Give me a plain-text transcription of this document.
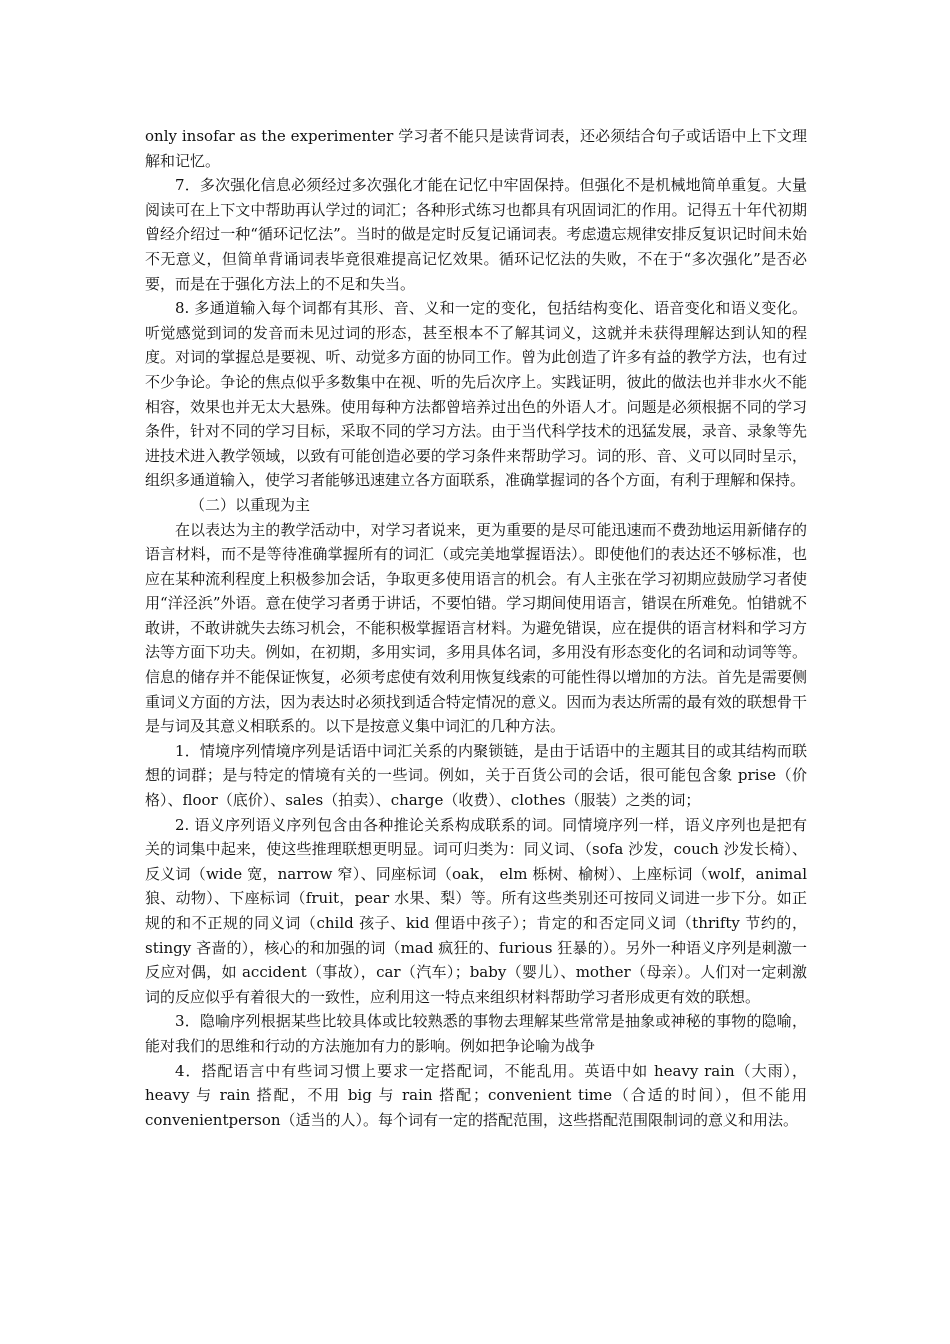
only insofar as the experimenter 学习者不能只是读背词表，还必须结合句子或话语中上下文理解和记忆。

7．多次强化信息必须经过多次强化才能在记忆中牢固保持。但强化不是机械地简单重复。大量阅读可在上下文中帮助再认学过的词汇；各种形式练习也都具有巩固词汇的作用。记得五十年代初期曾经介绍过一种“循环记忆法”。当时的做是定时反复记诵词表。考虑遗忘规律安排反复识记时间未始不无意义，但简单背诵词表毕竟很难提高记忆效果。循环记忆法的失败，不在于“多次强化”是否必要，而是在于强化方法上的不足和失当。

8. 多通道输入每个词都有其形、音、义和一定的变化，包括结构变化、语音变化和语义变化。听觉感觉到词的发音而未见过词的形态，甚至根本不了解其词义，这就并未获得理解达到认知的程度。对词的掌握总是要视、听、动觉多方面的协同工作。曾为此创造了许多有益的教学方法，也有过不少争论。争论的焦点似乎多数集中在视、听的先后次序上。实践证明，彼此的做法也并非水火不能相容，效果也并无太大悬殊。使用每种方法都曾培养过出色的外语人才。问题是必须根据不同的学习条件，针对不同的学习目标，采取不同的学习方法。由于当代科学技术的迅猛发展，录音、录象等先进技术进入教学领域，以致有可能创造必要的学习条件来帮助学习。词的形、音、义可以同时呈示，组织多通道输入，使学习者能够迅速建立各方面联系，准确掌握词的各个方面，有利于理解和保持。

（二）以重现为主

在以表达为主的教学活动中，对学习者说来，更为重要的是尽可能迅速而不费劲地运用新储存的语言材料，而不是等待准确掌握所有的词汇（或完美地掌握语法）。即使他们的表达还不够标准，也应在某种流利程度上积极参加会话，争取更多使用语言的机会。有人主张在学习初期应鼓励学习者使用“洋泾浜”外语。意在使学习者勇于讲话，不要怕错。学习期间使用语言，错误在所难免。怕错就不敢讲，不敢讲就失去练习机会，不能积极掌握语言材料。为避免错误，应在提供的语言材料和学习方法等方面下功夫。例如，在初期，多用实词，多用具体名词，多用没有形态变化的名词和动词等等。信息的储存并不能保证恢复，必须考虑使有效利用恢复线索的可能性得以增加的方法。首先是需要侧重词义方面的方法，因为表达时必须找到适合特定情况的意义。因而为表达所需的最有效的联想骨干是与词及其意义相联系的。以下是按意义集中词汇的几种方法。

1．情境序列情境序列是话语中词汇关系的内聚锁链，是由于话语中的主题其目的或其结构而联想的词群；是与特定的情境有关的一些词。例如，关于百货公司的会话，很可能包含象 prise（价格）、floor（底价）、sales（拍卖）、charge（收费）、clothes（服装）之类的词；

2. 语义序列语义序列包含由各种推论关系构成联系的词。同情境序列一样，语义序列也是把有关的词集中起来，使这些推理联想更明显。词可归类为：同义词、（sofa 沙发，couch 沙发长椅）、反义词（wide 宽，narrow 窄）、同座标词（oak， elm 栎树、榆树）、上座标词（wolf，animal 狼、动物）、下座标词（fruit，pear 水果、梨）等。所有这些类别还可按同义词进一步下分。如正规的和不正规的同义词（child 孩子、kid 俚语中孩子）；肯定的和否定同义词（thrifty 节约的，stingy 吝啬的），核心的和加强的词（mad 疯狂的、furious 狂暴的）。另外一种语义序列是刺激一反应对偶，如 accident（事故），car（汽车）；baby（婴儿）、mother（母亲）。人们对一定刺激词的反应似乎有着很大的一致性，应利用这一特点来组织材料帮助学习者形成更有效的联想。

3．隐喻序列根据某些比较具体或比较熟悉的事物去理解某些常常是抽象或神秘的事物的隐喻，能对我们的思维和行动的方法施加有力的影响。例如把争论喻为战争

4．搭配语言中有些词习惯上要求一定搭配词，不能乱用。英语中如 heavy rain（大雨），heavy 与 rain 搭配，不用 big 与 rain 搭配；convenient time（合适的时间），但不能用 convenientperson（适当的人）。每个词有一定的搭配范围，这些搭配范围限制词的意义和用法。
